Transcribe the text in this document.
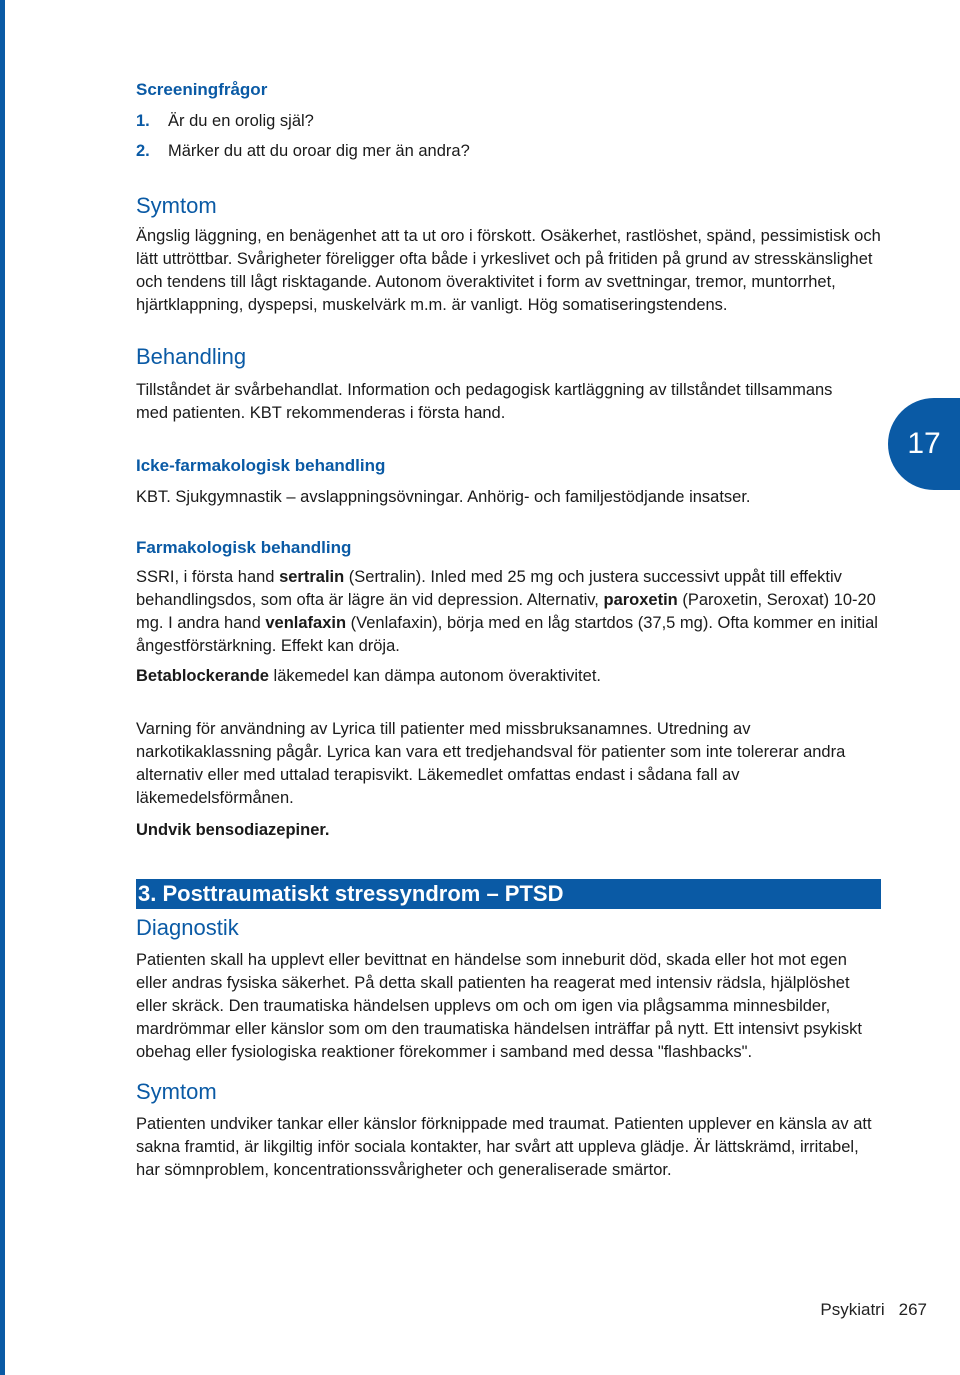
17
Screeningfrågor
1. Är du en orolig själ?
2. Märker du att du oroar dig mer än andra?
Symtom

Ängslig läggning, en benägenhet att ta ut oro i förskott. Osäkerhet, rastlöshet, spänd, pessimistisk och lätt uttröttbar. Svårigheter föreligger ofta både i yrkeslivet och på fritiden på grund av stresskänslighet och tendens till lågt risktagande. Autonom överaktivitet i form av svettningar, tremor, muntorrhet, hjärtklappning, dyspepsi, muskelvärk m.m. är vanligt. Hög somatiseringstendens.

Behandling

Tillståndet är svårbehandlat. Information och pedagogisk kartläggning av tillståndet tillsammans med patienten. KBT rekommenderas i första hand.

Icke-farmakologisk behandling

KBT. Sjukgymnastik – avslappningsövningar. Anhörig- och familjestödjande insatser.

Farmakologisk behandling

SSRI, i första hand sertralin (Sertralin). Inled med 25 mg och justera successivt uppåt till effektiv behandlingsdos, som ofta är lägre än vid depression. Alternativ, paroxetin (Paroxetin, Seroxat) 10-20 mg. I andra hand venlafaxin (Venlafaxin), börja med en låg startdos (37,5 mg). Ofta kommer en initial ångestförstärkning. Effekt kan dröja.

Betablockerande läkemedel kan dämpa autonom överaktivitet.

Varning för användning av Lyrica till patienter med missbruksanamnes. Utredning av narkotikaklassning pågår. Lyrica kan vara ett tredjehandsval för patienter som inte tolererar andra alternativ eller med uttalad terapisvikt. Läkemedlet omfattas endast i sådana fall av läkemedelsförmånen.

Undvik bensodiazepiner.

3. Posttraumatiskt stressyndrom – PTSD
Diagnostik

Patienten skall ha upplevt eller bevittnat en händelse som inneburit död, skada eller hot mot egen eller andras fysiska säkerhet. På detta skall patienten ha reagerat med intensiv rädsla, hjälplöshet eller skräck. Den traumatiska händelsen upplevs om och om igen via plågsamma minnesbilder, mardrömmar eller känslor som om den traumatiska händelsen inträffar på nytt. Ett intensivt psykiskt obehag eller fysiologiska reaktioner förekommer i samband med dessa "flashbacks".

Symtom

Patienten undviker tankar eller känslor förknippade med traumat. Patienten upplever en känsla av att sakna framtid, är likgiltig inför sociala kontakter, har svårt att uppleva glädje. Är lättskrämd, irritabel, har sömnproblem, koncentrationssvårigheter och generaliserade smärtor.

Psykiatri 267
